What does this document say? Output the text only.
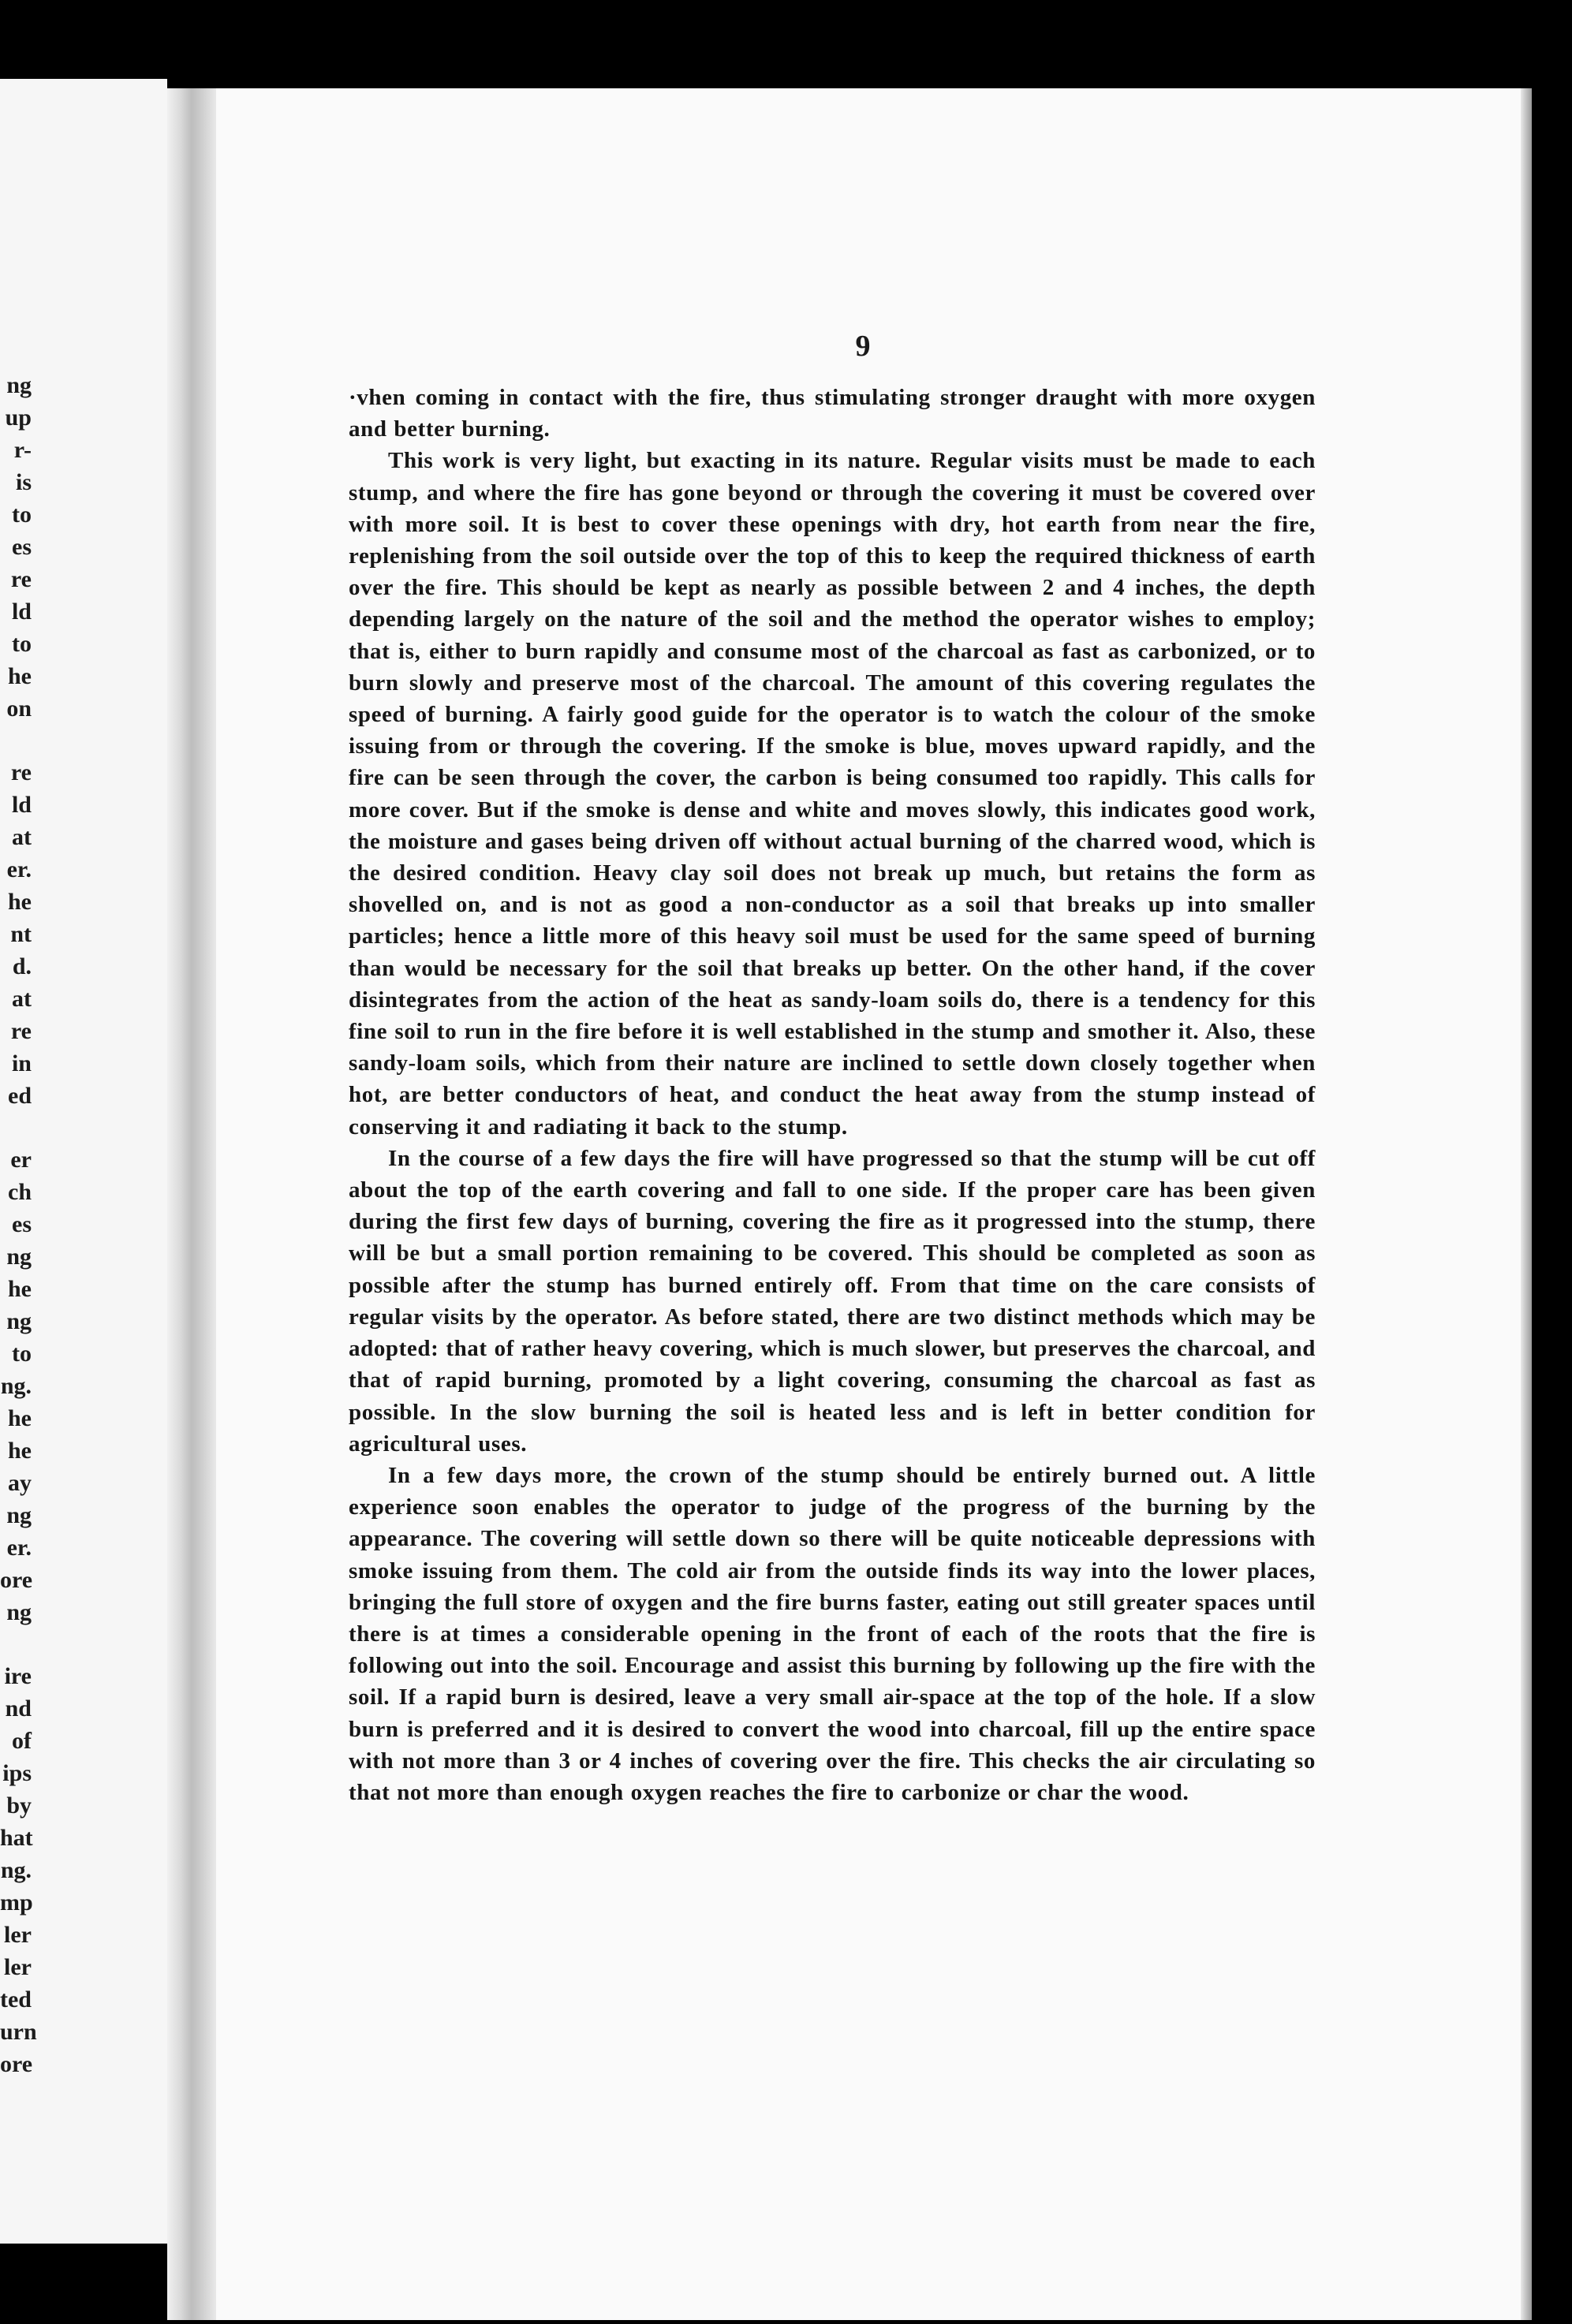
ng
up
r-
is
to
es
re
ld
to
he
on
re
ld
at
er.
he
nt
d.
at
re
in
ed
er
ch
es
ng
he
ng
to
ng.
he
he
ay
ng
er.
ore
ng
ire
nd
of
ips
by
hat
ng.
mp
ler
ler
ted
urn
ore
9

·vhen coming in contact with the fire, thus stimulating stronger draught with more oxygen and better burning.

This work is very light, but exacting in its nature. Regular visits must be made to each stump, and where the fire has gone beyond or through the covering it must be covered over with more soil. It is best to cover these openings with dry, hot earth from near the fire, replenishing from the soil outside over the top of this to keep the required thickness of earth over the fire. This should be kept as nearly as possible between 2 and 4 inches, the depth depending largely on the nature of the soil and the method the operator wishes to employ; that is, either to burn rapidly and consume most of the charcoal as fast as carbonized, or to burn slowly and preserve most of the charcoal. The amount of this covering regulates the speed of burning. A fairly good guide for the operator is to watch the colour of the smoke issuing from or through the covering. If the smoke is blue, moves upward rapidly, and the fire can be seen through the cover, the carbon is being consumed too rapidly. This calls for more cover. But if the smoke is dense and white and moves slowly, this indicates good work, the moisture and gases being driven off without actual burning of the charred wood, which is the desired condition. Heavy clay soil does not break up much, but retains the form as shovelled on, and is not as good a non-conductor as a soil that breaks up into smaller particles; hence a little more of this heavy soil must be used for the same speed of burning than would be necessary for the soil that breaks up better. On the other hand, if the cover disintegrates from the action of the heat as sandy-loam soils do, there is a tendency for this fine soil to run in the fire before it is well established in the stump and smother it. Also, these sandy-loam soils, which from their nature are inclined to settle down closely together when hot, are better conductors of heat, and conduct the heat away from the stump instead of conserving it and radiating it back to the stump.

In the course of a few days the fire will have progressed so that the stump will be cut off about the top of the earth covering and fall to one side. If the proper care has been given during the first few days of burning, covering the fire as it progressed into the stump, there will be but a small portion remaining to be covered. This should be completed as soon as possible after the stump has burned entirely off. From that time on the care consists of regular visits by the operator. As before stated, there are two distinct methods which may be adopted: that of rather heavy covering, which is much slower, but preserves the charcoal, and that of rapid burning, promoted by a light covering, consuming the charcoal as fast as possible. In the slow burning the soil is heated less and is left in better condition for agricultural uses.

In a few days more, the crown of the stump should be entirely burned out. A little experience soon enables the operator to judge of the progress of the burning by the appearance. The covering will settle down so there will be quite noticeable depressions with smoke issuing from them. The cold air from the outside finds its way into the lower places, bringing the full store of oxygen and the fire burns faster, eating out still greater spaces until there is at times a considerable opening in the front of each of the roots that the fire is following out into the soil. Encourage and assist this burning by following up the fire with the soil. If a rapid burn is desired, leave a very small air-space at the top of the hole. If a slow burn is preferred and it is desired to convert the wood into charcoal, fill up the entire space with not more than 3 or 4 inches of covering over the fire. This checks the air circulating so that not more than enough oxygen reaches the fire to carbonize or char the wood.
